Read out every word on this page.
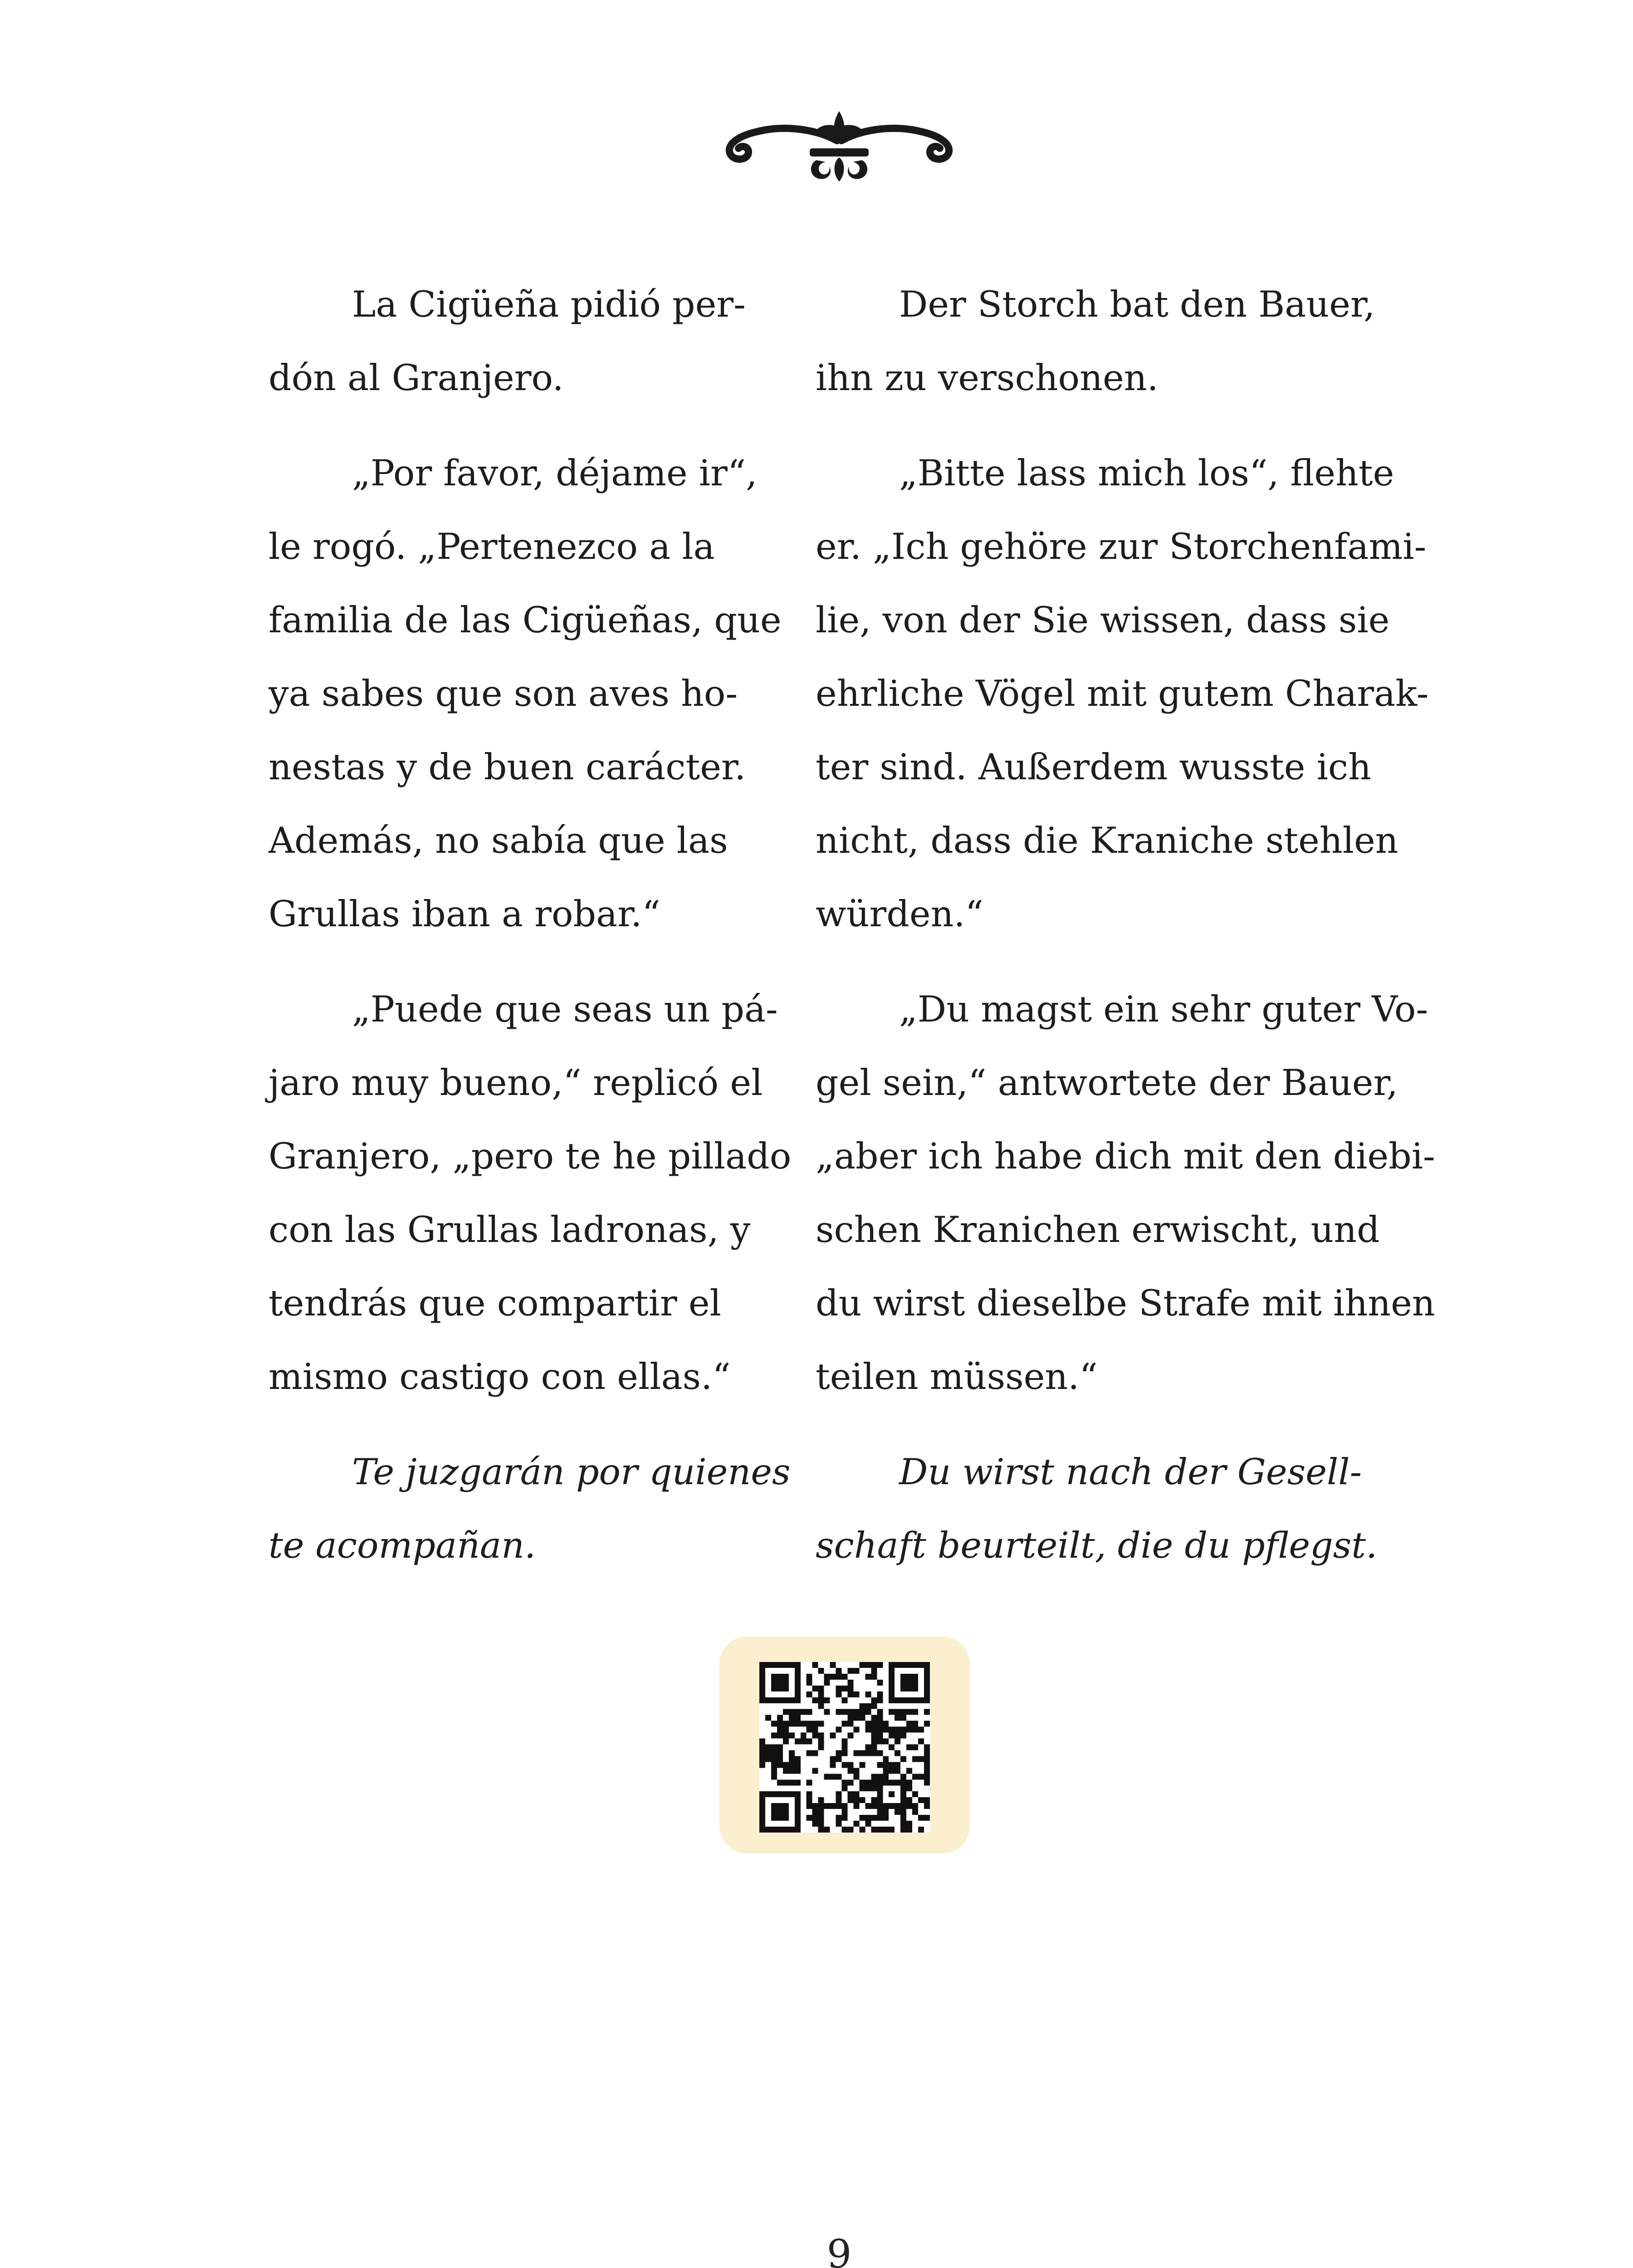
La Cigüeña pidió per-
dón al Granjero.
„Por favor, déjame ir“,
le rogó. „Pertenezco a la
familia de las Cigüeñas, que
ya sabes que son aves ho-
nestas y de buen carácter.
Además, no sabía que las
Grullas iban a robar.“
„Puede que seas un pá-
jaro muy bueno,“ replicó el
Granjero, „pero te he pillado
con las Grullas ladronas, y
tendrás que compartir el
mismo castigo con ellas.“
Te juzgarán por quienes
te acompañan.
Der Storch bat den Bauer,
ihn zu verschonen.
„Bitte lass mich los“, flehte
er. „Ich gehöre zur Storchenfami-
lie, von der Sie wissen, dass sie
ehrliche Vögel mit gutem Charak-
ter sind. Außerdem wusste ich
nicht, dass die Kraniche stehlen
würden.“
„Du magst ein sehr guter Vo-
gel sein,“ antwortete der Bauer,
„aber ich habe dich mit den diebi-
schen Kranichen erwischt, und
du wirst dieselbe Strafe mit ihnen
teilen müssen.“
Du wirst nach der Gesell-
schaft beurteilt, die du pflegst.
9
